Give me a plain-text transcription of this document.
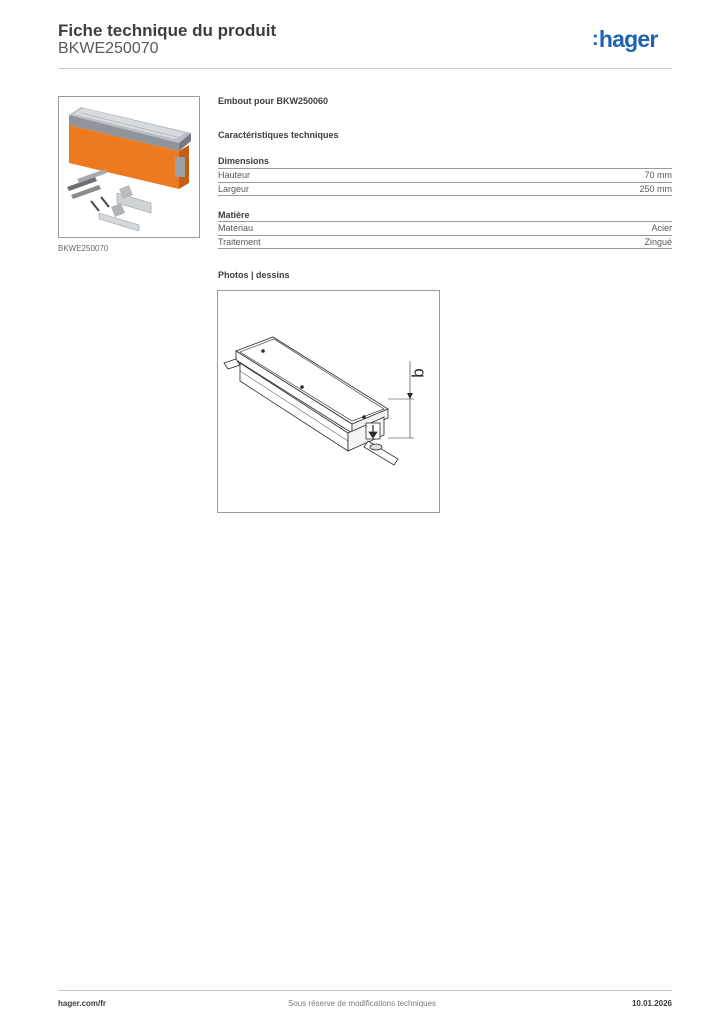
Fiche technique du produit
BKWE250070	:hager
BKWE250070
Embout pour BKW250060
Caractéristiques techniques
Dimensions
Hauteur	70 mm
Largeur	250 mm
Matière
Matériau	Acier
Traitement	Zingué
Photos | dessins
b
hager.com/fr	Sous réserve de modifications techniques	10.01.2026
